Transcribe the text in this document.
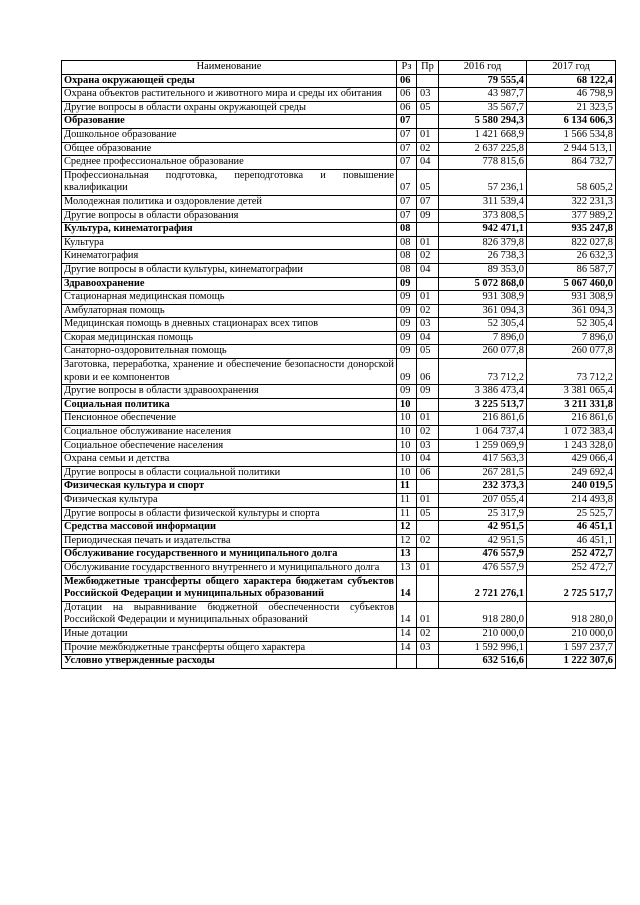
Наименование	Рз	Пр	2016 год	2017 год
Охрана окружающей среды	06		79 555,4	68 122,4
Охрана объектов растительного и животного мира и среды их обитания	06	03	43 987,7	46 798,9
Другие вопросы в области охраны окружающей среды	06	05	35 567,7	21 323,5
Образование	07		5 580 294,3	6 134 606,3
Дошкольное образование	07	01	1 421 668,9	1 566 534,8
Общее образование	07	02	2 637 225,8	2 944 513,1
Среднее профессиональное образование	07	04	778 815,6	864 732,7
Профессиональная подготовка, переподготовка и повышение квалификации	07	05	57 236,1	58 605,2
Молодежная политика и оздоровление детей	07	07	311 539,4	322 231,3
Другие вопросы в области образования	07	09	373 808,5	377 989,2
Культура, кинематография	08		942 471,1	935 247,8
Культура	08	01	826 379,8	822 027,8
Кинематография	08	02	26 738,3	26 632,3
Другие вопросы в области культуры, кинематографии	08	04	89 353,0	86 587,7
Здравоохранение	09		5 072 868,0	5 067 460,0
Стационарная медицинская помощь	09	01	931 308,9	931 308,9
Амбулаторная помощь	09	02	361 094,3	361 094,3
Медицинская помощь в дневных стационарах всех типов	09	03	52 305,4	52 305,4
Скорая медицинская помощь	09	04	7 896,0	7 896,0
Санаторно-оздоровительная помощь	09	05	260 077,8	260 077,8
Заготовка, переработка, хранение и обеспечение безопасности донорской крови и ее компонентов	09	06	73 712,2	73 712,2
Другие вопросы в области здравоохранения	09	09	3 386 473,4	3 381 065,4
Социальная политика	10		3 225 513,7	3 211 331,8
Пенсионное обеспечение	10	01	216 861,6	216 861,6
Социальное обслуживание населения	10	02	1 064 737,4	1 072 383,4
Социальное обеспечение населения	10	03	1 259 069,9	1 243 328,0
Охрана семьи и детства	10	04	417 563,3	429 066,4
Другие вопросы в области социальной политики	10	06	267 281,5	249 692,4
Физическая культура и спорт	11		232 373,3	240 019,5
Физическая культура	11	01	207 055,4	214 493,8
Другие вопросы в области физической культуры и спорта	11	05	25 317,9	25 525,7
Средства массовой информации	12		42 951,5	46 451,1
Периодическая печать и издательства	12	02	42 951,5	46 451,1
Обслуживание государственного и муниципального долга	13		476 557,9	252 472,7
Обслуживание государственного внутреннего и муниципального долга	13	01	476 557,9	252 472,7
Межбюджетные трансферты общего характера бюджетам субъектов Российской Федерации и муниципальных образований	14		2 721 276,1	2 725 517,7
Дотации на выравнивание бюджетной обеспеченности субъектов Российской Федерации и муниципальных образований	14	01	918 280,0	918 280,0
Иные дотации	14	02	210 000,0	210 000,0
Прочие межбюджетные трансферты общего характера	14	03	1 592 996,1	1 597 237,7
Условно утвержденные расходы			632 516,6	1 222 307,6
